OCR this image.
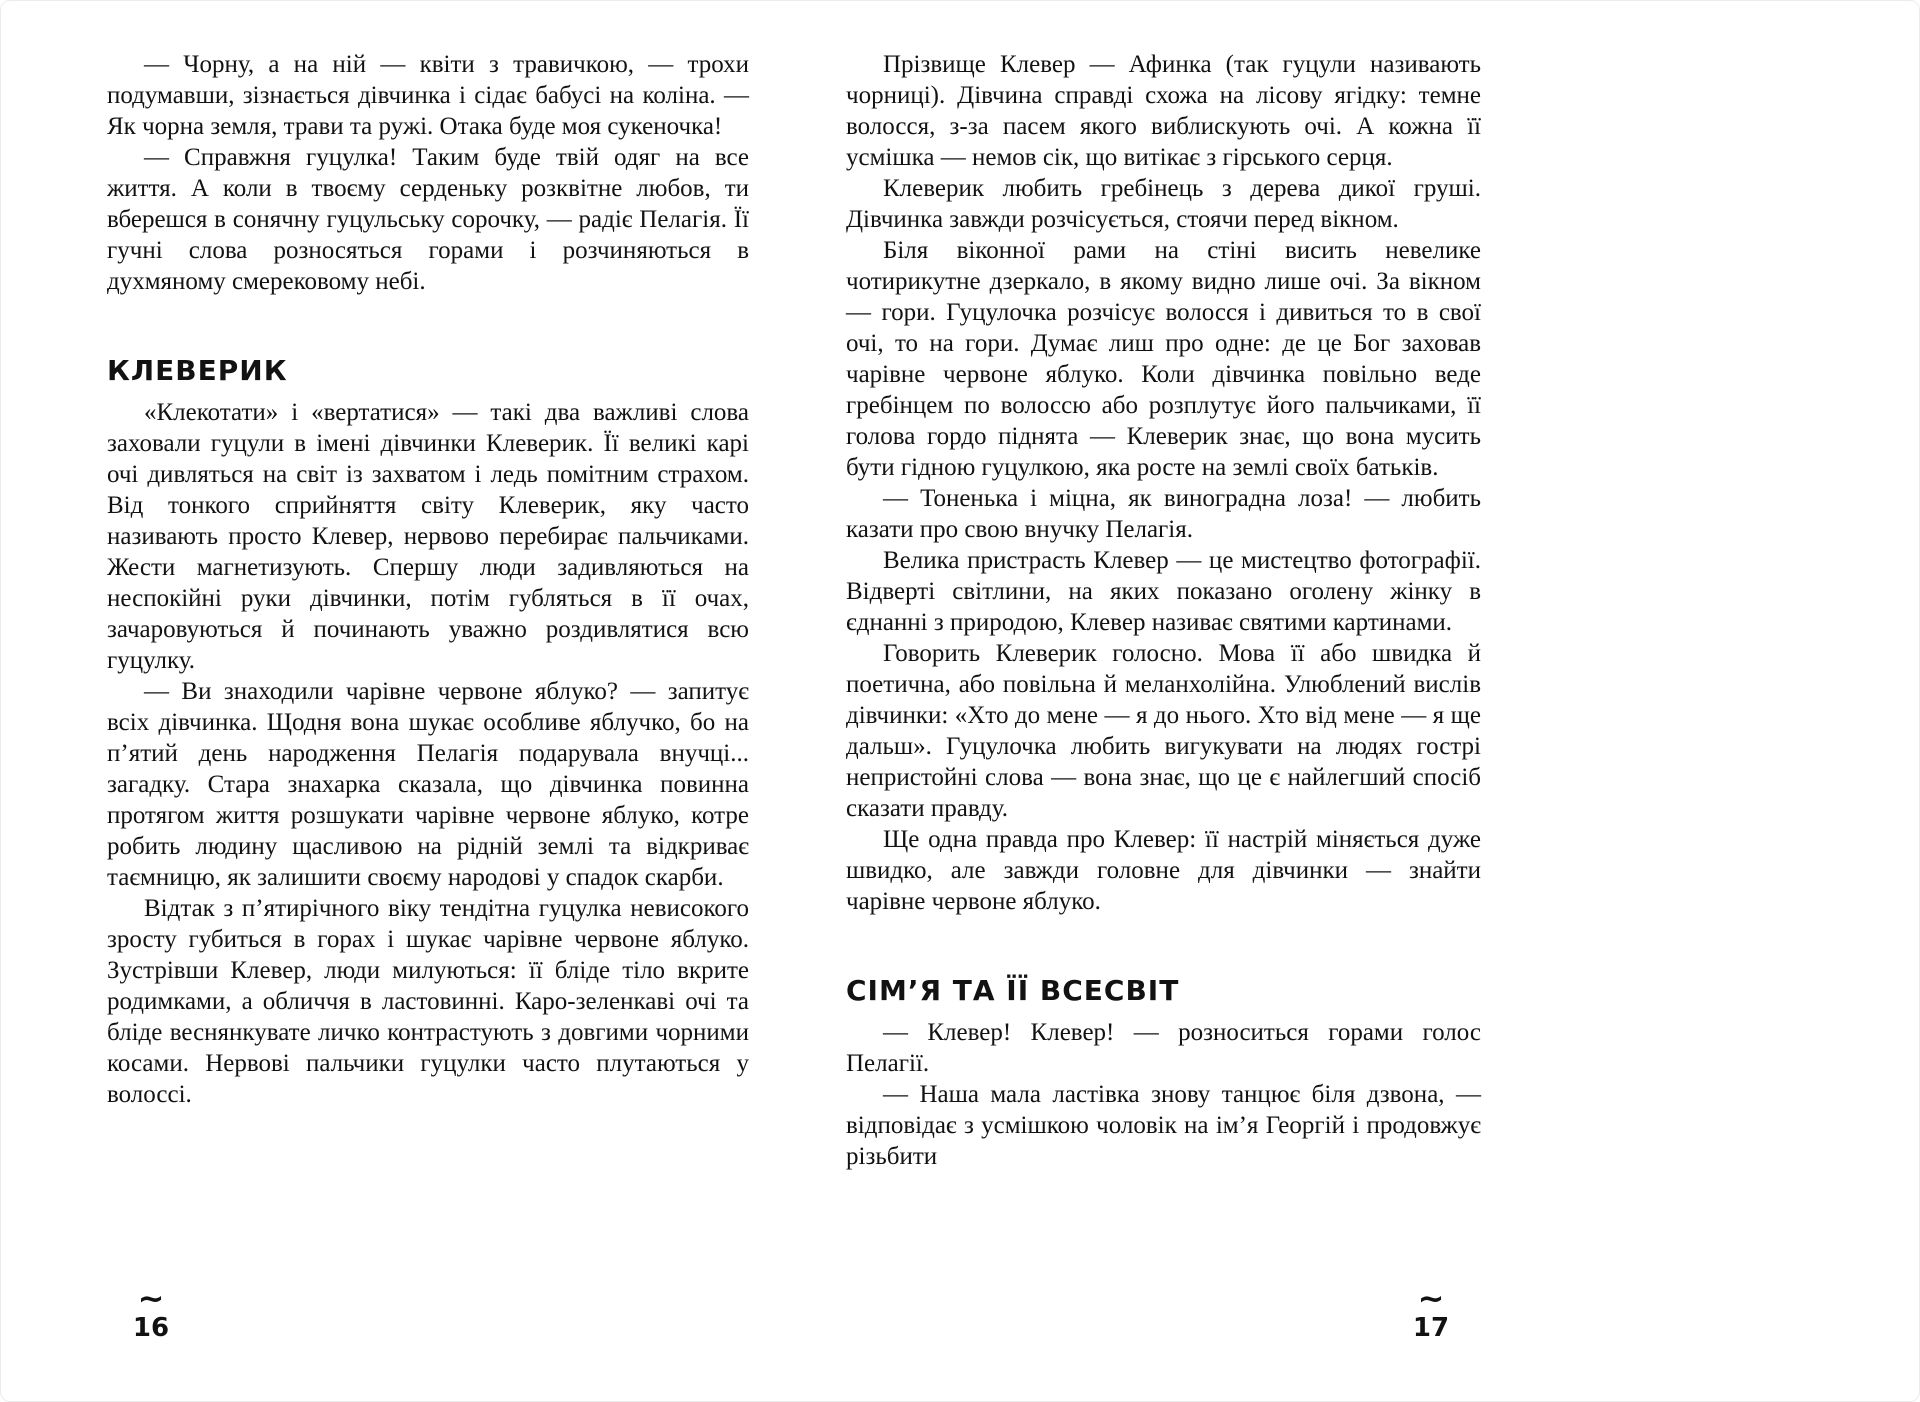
— Чорну, а на ній — квіти з травичкою, — трохи подумавши, зізнається дівчинка і сідає бабусі на коліна. — Як чорна земля, трави та ружі. Отака буде моя сукеночка!

— Справжня гуцулка! Таким буде твій одяг на все життя. А коли в твоєму серденьку розквітне любов, ти вберешся в сонячну гуцульську сорочку, — радіє Пелагія. Її гучні слова розносяться горами і розчиняються в духмяному смерековому небі.

КЛЕВЕРИК

«Клекотати» і «вертатися» — такі два важливі слова заховали гуцули в імені дівчинки Клеверик. Її великі карі очі дивляться на світ із захватом і ледь помітним страхом. Від тонкого сприйняття світу Клеверик, яку часто називають просто Клевер, нервово перебирає пальчиками. Жести магнетизують. Спершу люди задивляються на неспокійні руки дівчинки, потім губляться в її очах, зачаровуються й починають уважно роздивлятися всю гуцулку.

— Ви знаходили чарівне червоне яблуко? — запитує всіх дівчинка. Щодня вона шукає особливе яблучко, бо на п’ятий день народження Пелагія подарувала внучці... загадку. Стара знахарка сказала, що дівчинка повинна протягом життя розшукати чарівне червоне яблуко, котре робить людину щасливою на рідній землі та відкриває таємницю, як залишити своєму народові у спадок скарби.

Відтак з п’ятирічного віку тендітна гуцулка невисокого зросту губиться в горах і шукає чарівне червоне яблуко. Зустрівши Клевер, люди милуються: її бліде тіло вкрите родимками, а обличчя в ластовинні. Каро-зеленкаві очі та бліде веснянкувате личко контрастують з довгими чорними косами. Нервові пальчики гуцулки часто плутаються у волоссі.

~
16

Прізвище Клевер — Афинка (так гуцули називають чорниці). Дівчина справді схожа на лісову ягідку: темне волосся, з-за пасем якого виблискують очі. А кожна її усмішка — немов сік, що витікає з гірського серця.

Клеверик любить гребінець з дерева дикої груші. Дівчинка завжди розчісується, стоячи перед вікном.

Біля віконної рами на стіні висить невелике чотирикутне дзеркало, в якому видно лише очі. За вікном — гори. Гуцулочка розчісує волосся і дивиться то в свої очі, то на гори. Думає лиш про одне: де це Бог заховав чарівне червоне яблуко. Коли дівчинка повільно веде гребінцем по волоссю або розплутує його пальчиками, її голова гордо піднята — Клеверик знає, що вона мусить бути гідною гуцулкою, яка росте на землі своїх батьків.

— Тоненька і міцна, як виноградна лоза! — любить казати про свою внучку Пелагія.

Велика пристрасть Клевер — це мистецтво фотографії. Відверті світлини, на яких показано оголену жінку в єднанні з природою, Клевер називає святими картинами.

Говорить Клеверик голосно. Мова її або швидка й поетична, або повільна й меланхолійна. Улюблений вислів дівчинки: «Хто до мене — я до нього. Хто від мене — я ще дальш». Гуцулочка любить вигукувати на людях гострі непристойні слова — вона знає, що це є найлегший спосіб сказати правду.

Ще одна правда про Клевер: її настрій міняється дуже швидко, але завжди головне для дівчинки — знайти чарівне червоне яблуко.

СІМ’Я ТА ЇЇ ВСЕСВІТ

— Клевер! Клевер! — розноситься горами голос Пелагії.

— Наша мала ластівка знову танцює біля дзвона, — відповідає з усмішкою чоловік на ім’я Георгій і продовжує різьбити

~
17
